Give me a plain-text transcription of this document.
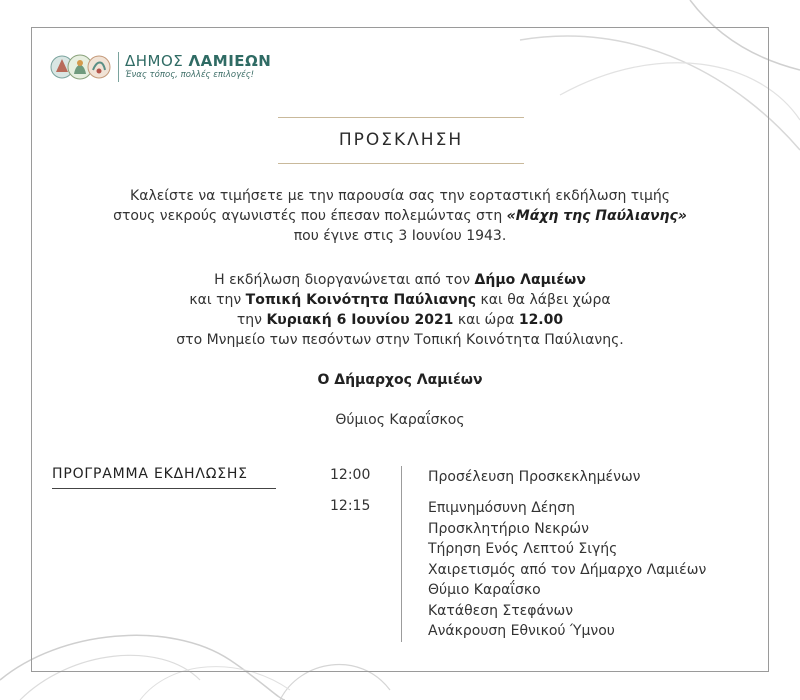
ΔΗΜΟΣ ΛΑΜΙΕΩΝ
Ένας τόπος, πολλές επιλογές!
ΠΡΟΣΚΛΗΣΗ
Καλείστε να τιμήσετε με την παρουσία σας την εορταστική εκδήλωση τιμής
στους νεκρούς αγωνιστές που έπεσαν πολεμώντας στη «Μάχη της Παύλιανης»
που έγινε στις 3 Ιουνίου 1943.
Η εκδήλωση διοργανώνεται από τον Δήμο Λαμιέων
και την Τοπική Κοινότητα Παύλιανης και θα λάβει χώρα
την Κυριακή 6 Ιουνίου 2021 και ώρα 12.00
στο Μνημείο των πεσόντων στην Τοπική Κοινότητα Παύλιανης.
Ο Δήμαρχος Λαμιέων
Θύμιος Καραΐσκος
ΠΡΟΓΡΑΜΜΑ ΕΚΔΗΛΩΣΗΣ	12:00	Προσέλευση Προσκεκλημένων
12:15	Επιμνημόσυνη Δέηση
Προσκλητήριο Νεκρών
Τήρηση Ενός Λεπτού Σιγής
Χαιρετισμός από τον Δήμαρχο Λαμιέων
Θύμιο Καραΐσκο
Κατάθεση Στεφάνων
Ανάκρουση Εθνικού Ύμνου
